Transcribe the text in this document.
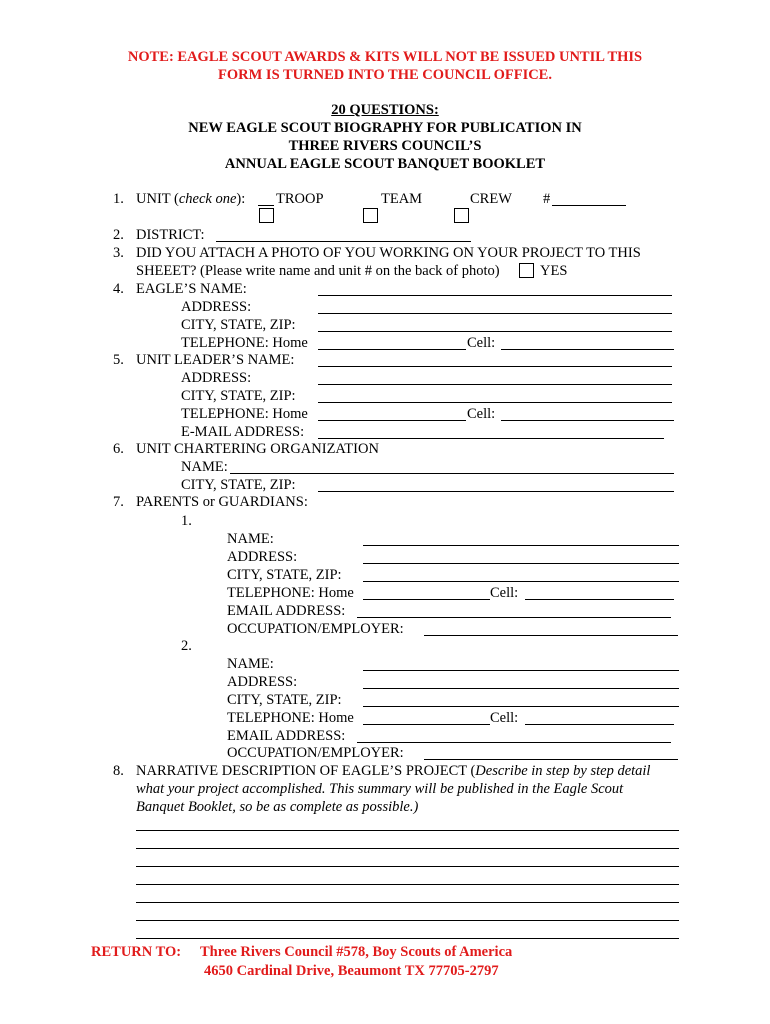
NOTE: EAGLE SCOUT AWARDS & KITS WILL NOT BE ISSUED UNTIL THIS
FORM IS TURNED INTO THE COUNCIL OFFICE.
20 QUESTIONS:
NEW EAGLE SCOUT BIOGRAPHY FOR PUBLICATION IN
THREE RIVERS COUNCIL’S
ANNUAL EAGLE SCOUT BANQUET BOOKLET
1. UNIT (check one): TROOP	TEAM	CREW #
2. DISTRICT:
3. DID YOU ATTACH A PHOTO OF YOU WORKING ON YOUR PROJECT TO THIS
SHEEET? (Please write name and unit # on the back of photo)	YES
4. EAGLE’S NAME:
ADDRESS:
CITY, STATE, ZIP:
TELEPHONE: Home	Cell:
5. UNIT LEADER’S NAME:
ADDRESS:
CITY, STATE, ZIP:
TELEPHONE: Home	Cell:
E-MAIL ADDRESS:
6. UNIT CHARTERING ORGANIZATION
NAME:
CITY, STATE, ZIP:
7. PARENTS or GUARDIANS:
1.
NAME:
ADDRESS:
CITY, STATE, ZIP:
TELEPHONE: Home	Cell:
EMAIL ADDRESS:
OCCUPATION/EMPLOYER:
2.
NAME:
ADDRESS:
CITY, STATE, ZIP:
TELEPHONE: Home	Cell:
EMAIL ADDRESS:
OCCUPATION/EMPLOYER:
8. NARRATIVE DESCRIPTION OF EAGLE’S PROJECT (Describe in step by step detail
what your project accomplished. This summary will be published in the Eagle Scout
Banquet Booklet, so be as complete as possible.)
RETURN TO: Three Rivers Council #578, Boy Scouts of America
4650 Cardinal Drive, Beaumont TX 77705-2797
